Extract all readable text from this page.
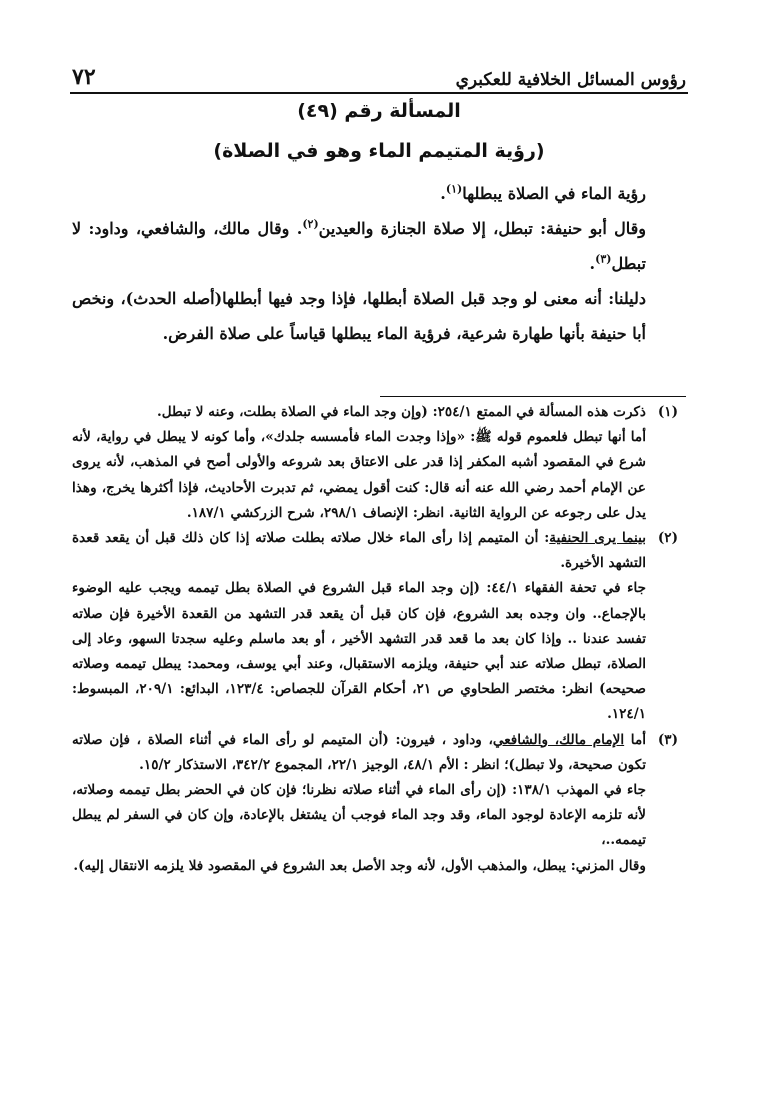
رؤوس المسائل الخلافية للعكبري
٧٢
المسألة رقم (٤٩)
(رؤية المتيمم الماء وهو في الصلاة)

رؤية الماء في الصلاة يبطلها$^{(١)}$.

وقال أبو حنيفة: تبطل، إلا صلاة الجنازة والعيدين$^{(٢)}$. وقال مالك، والشافعي، وداود: لا تبطل$^{(٣)}$.

دليلنا: أنه معنى لو وجد قبل الصلاة أبطلها، فإذا وجد فيها أبطلها(أصله الحدث)، ونخص أبا حنيفة بأنها طهارة شرعية، فرؤية الماء يبطلها قياساً على صلاة الفرض.

(١)

ذكرت هذه المسألة في الممتع ٢٥٤/١: (وإن وجد الماء في الصلاة بطلت، وعنه لا تبطل.

أما أنها تبطل فلعموم قوله ﷺ: «وإذا وجدت الماء فأمسسه جلدك»، وأما كونه لا يبطل في رواية، لأنه شرع في المقصود أشبه المكفر إذا قدر على الاعتاق بعد شروعه والأولى أصح في المذهب، لأنه يروى عن الإمام أحمد رضي الله عنه أنه قال: كنت أقول يمضي، ثم تدبرت الأحاديث، فإذا أكثرها يخرج، وهذا يدل على رجوعه عن الرواية الثانية. انظر: الإنصاف ٢٩٨/١، شرح الزركشي ١٨٧/١.

(٢)

بينما يرى الحنفية: أن المتيمم إذا رأى الماء خلال صلاته بطلت صلاته إذا كان ذلك قبل أن يقعد قعدة التشهد الأخيرة.

جاء في تحفة الفقهاء ٤٤/١: (إن وجد الماء قبل الشروع في الصلاة بطل تيممه ويجب عليه الوضوء بالإجماع.. وان وجده بعد الشروع، فإن كان قبل أن يقعد قدر التشهد من القعدة الأخيرة فإن صلاته تفسد عندنا .. وإذا كان بعد ما قعد قدر التشهد الأخير ، أو بعد ماسلم وعليه سجدتا السهو، وعاد إلى الصلاة، تبطل صلاته عند أبي حنيفة، ويلزمه الاستقبال، وعند أبي يوسف، ومحمد: يبطل تيممه وصلاته صحيحه) انظر: مختصر الطحاوي ص ٢١، أحكام القرآن للجصاص: ١٢٣/٤، البدائع: ٢٠٩/١، المبسوط: ١٢٤/١.

(٣)

أما الإمام مالك، والشافعي، وداود ، فيرون: (أن المتيمم لو رأى الماء في أثناء الصلاة ، فإن صلاته تكون صحيحة، ولا تبطل)؛ انظر : الأم ٤٨/١، الوجيز ٢٢/١، المجموع ٣٤٢/٢، الاستذكار ١٥/٢.

جاء في المهذب ١٣٨/١: (إن رأى الماء في أثناء صلاته نظرنا؛ فإن كان في الحضر بطل تيممه وصلاته، لأنه تلزمه الإعادة لوجود الماء، وقد وجد الماء فوجب أن يشتغل بالإعادة، وإن كان في السفر لم يبطل تيممه..،

وقال المزني: يبطل، والمذهب الأول، لأنه وجد الأصل بعد الشروع في المقصود فلا يلزمه الانتقال إليه).
